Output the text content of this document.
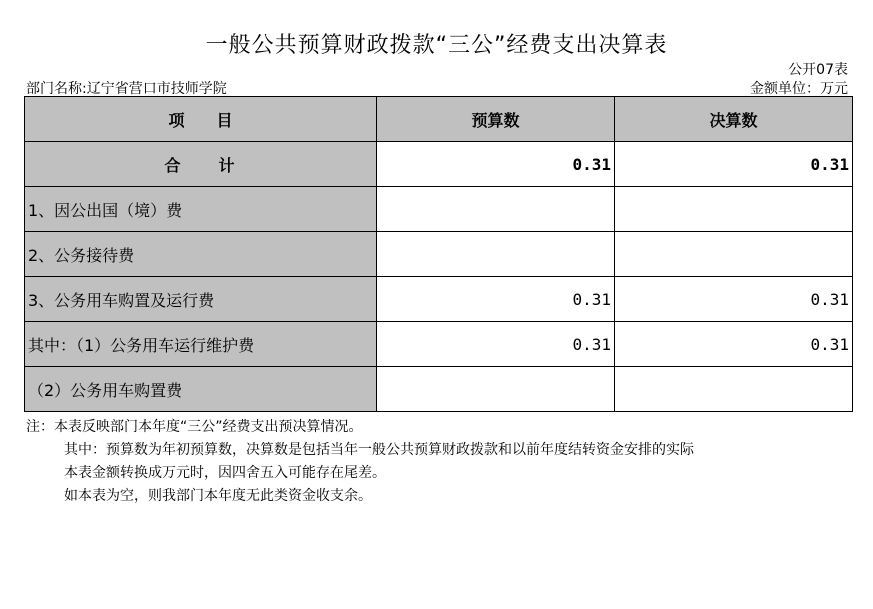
一般公共预算财政拨款“三公”经费支出决算表
公开07表
部门名称:辽宁省营口市技师学院	金额单位：万元
项　　目	预算数	决算数
合　　计	0.31	0.31
1、因公出国（境）费		
2、公务接待费		
3、公务用车购置及运行费	0.31	0.31
其中：（1）公务用车运行维护费	0.31	0.31
（2）公务用车购置费		
注：本表反映部门本年度“三公”经费支出预决算情况。
其中：预算数为年初预算数，决算数是包括当年一般公共预算财政拨款和以前年度结转资金安排的实际
本表金额转换成万元时，因四舍五入可能存在尾差。
如本表为空，则我部门本年度无此类资金收支余。
